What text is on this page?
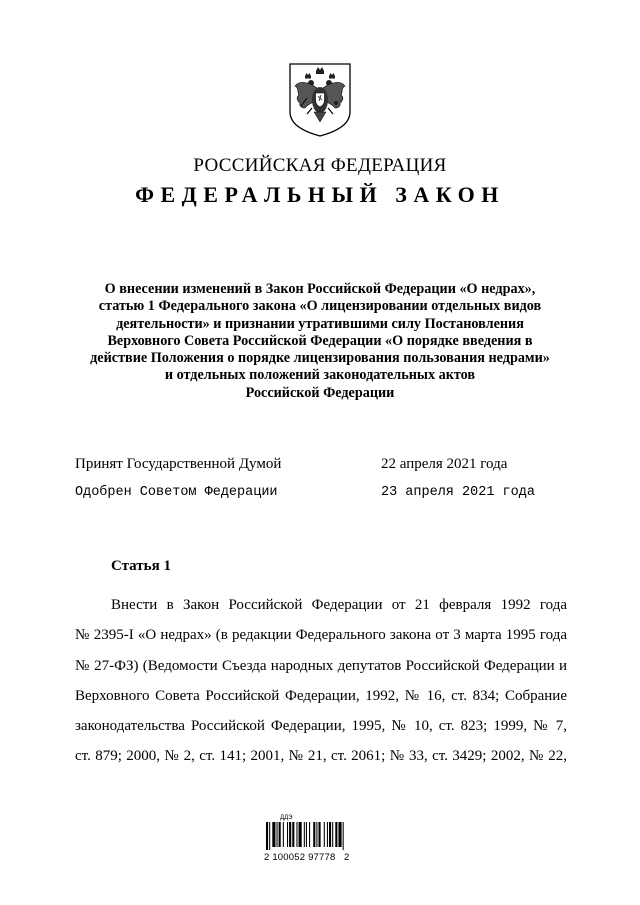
РОССИЙСКАЯ ФЕДЕРАЦИЯ
ФЕДЕРАЛЬНЫЙ ЗАКОН
О внесении изменений в Закон Российской Федерации «О недрах»,
статью 1 Федерального закона «О лицензировании отдельных видов
деятельности» и признании утратившими силу Постановления
Верховного Совета Российской Федерации «О порядке введения в
действие Положения о порядке лицензирования пользования недрами»
и отдельных положений законодательных актов
Российской Федерации
Принят Государственной Думой	22 апреля 2021 года
Одобрен Советом Федерации	23 апреля 2021 года
Статья 1
Внести в Закон Российской Федерации от 21 февраля 1992 года
№ 2395-I «О недрах» (в редакции Федерального закона от 3 марта 1995 года
№ 27-ФЗ) (Ведомости Съезда народных депутатов Российской Федерации и
Верховного Совета Российской Федерации, 1992, № 16, ст. 834; Собрание
законодательства Российской Федерации, 1995, № 10, ст. 823; 1999, № 7,
ст. 879; 2000, № 2, ст. 141; 2001, № 21, ст. 2061; № 33, ст. 3429; 2002, № 22,
ДДЭ
2 100052 97778   2
